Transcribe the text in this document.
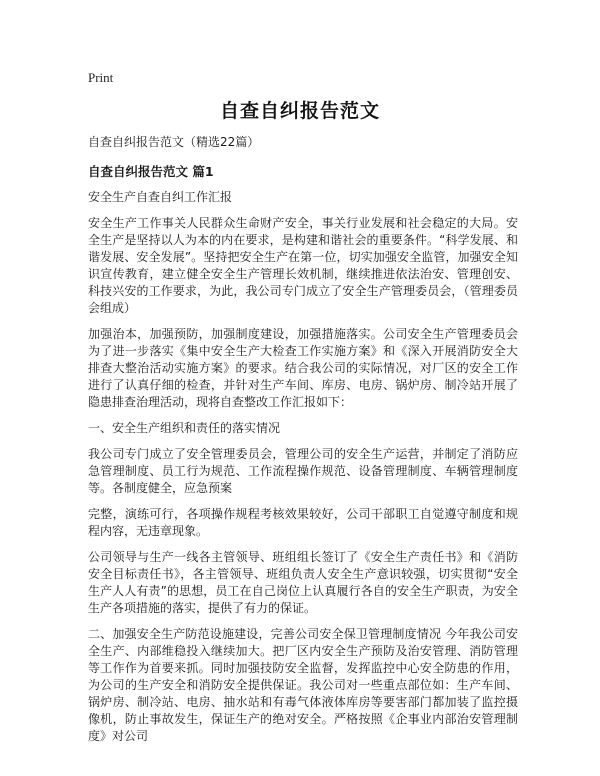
Print
自查自纠报告范文

自查自纠报告范文（精选22篇）

自查自纠报告范文 篇1

安全生产自查自纠工作汇报

安全生产工作事关人民群众生命财产安全，事关行业发展和社会稳定的大局。安全生产是坚持以人为本的内在要求，是构建和谐社会的重要条件。“科学发展、和谐发展、安全发展”。坚持把安全生产在第一位，切实加强安全监管，加强安全知识宣传教育，建立健全安全生产管理长效机制，继续推进依法治安、管理创安、科技兴安的工作要求，为此，我公司专门成立了安全生产管理委员会，（管理委员会组成）

加强治本，加强预防，加强制度建设，加强措施落实。公司安全生产管理委员会为了进一步落实《集中安全生产大检查工作实施方案》和《深入开展消防安全大排查大整治活动实施方案》的要求。结合我公司的实际情况，对厂区的安全工作进行了认真仔细的检查，并针对生产车间、库房、电房、锅炉房、制冷站开展了隐患排查治理活动，现将自查整改工作汇报如下：

一、安全生产组织和责任的落实情况

我公司专门成立了安全管理委员会，管理公司的安全生产运营，并制定了消防应急管理制度、员工行为规范、工作流程操作规范、设备管理制度、车辆管理制度等。各制度健全，应急预案

完整，演练可行，各项操作规程考核效果较好，公司干部职工自觉遵守制度和规程内容，无违章现象。

公司领导与生产一线各主管领导、班组组长签订了《安全生产责任书》和《消防安全目标责任书》，各主管领导、班组负责人安全生产意识较强，切实贯彻“安全生产人人有责”的思想，员工在自己岗位上认真履行各自的安全生产职责，为安全生产各项措施的落实，提供了有力的保证。

二、加强安全生产防范设施建设，完善公司安全保卫管理制度情况 今年我公司安全生产、内部维稳投入继续加大。把厂区内安全生产预防及治安管理、消防管理等工作作为首要来抓。同时加强技防安全监督，发挥监控中心安全防患的作用，为公司的生产安全和消防安全提供保证。我公司对一些重点部位如：生产车间、锅炉房、制冷站、电房、抽水站和有毒气体液体库房等要害部门都加装了监控摄像机，防止事故发生，保证生产的绝对安全。严格按照《企事业内部治安管理制度》对公司
